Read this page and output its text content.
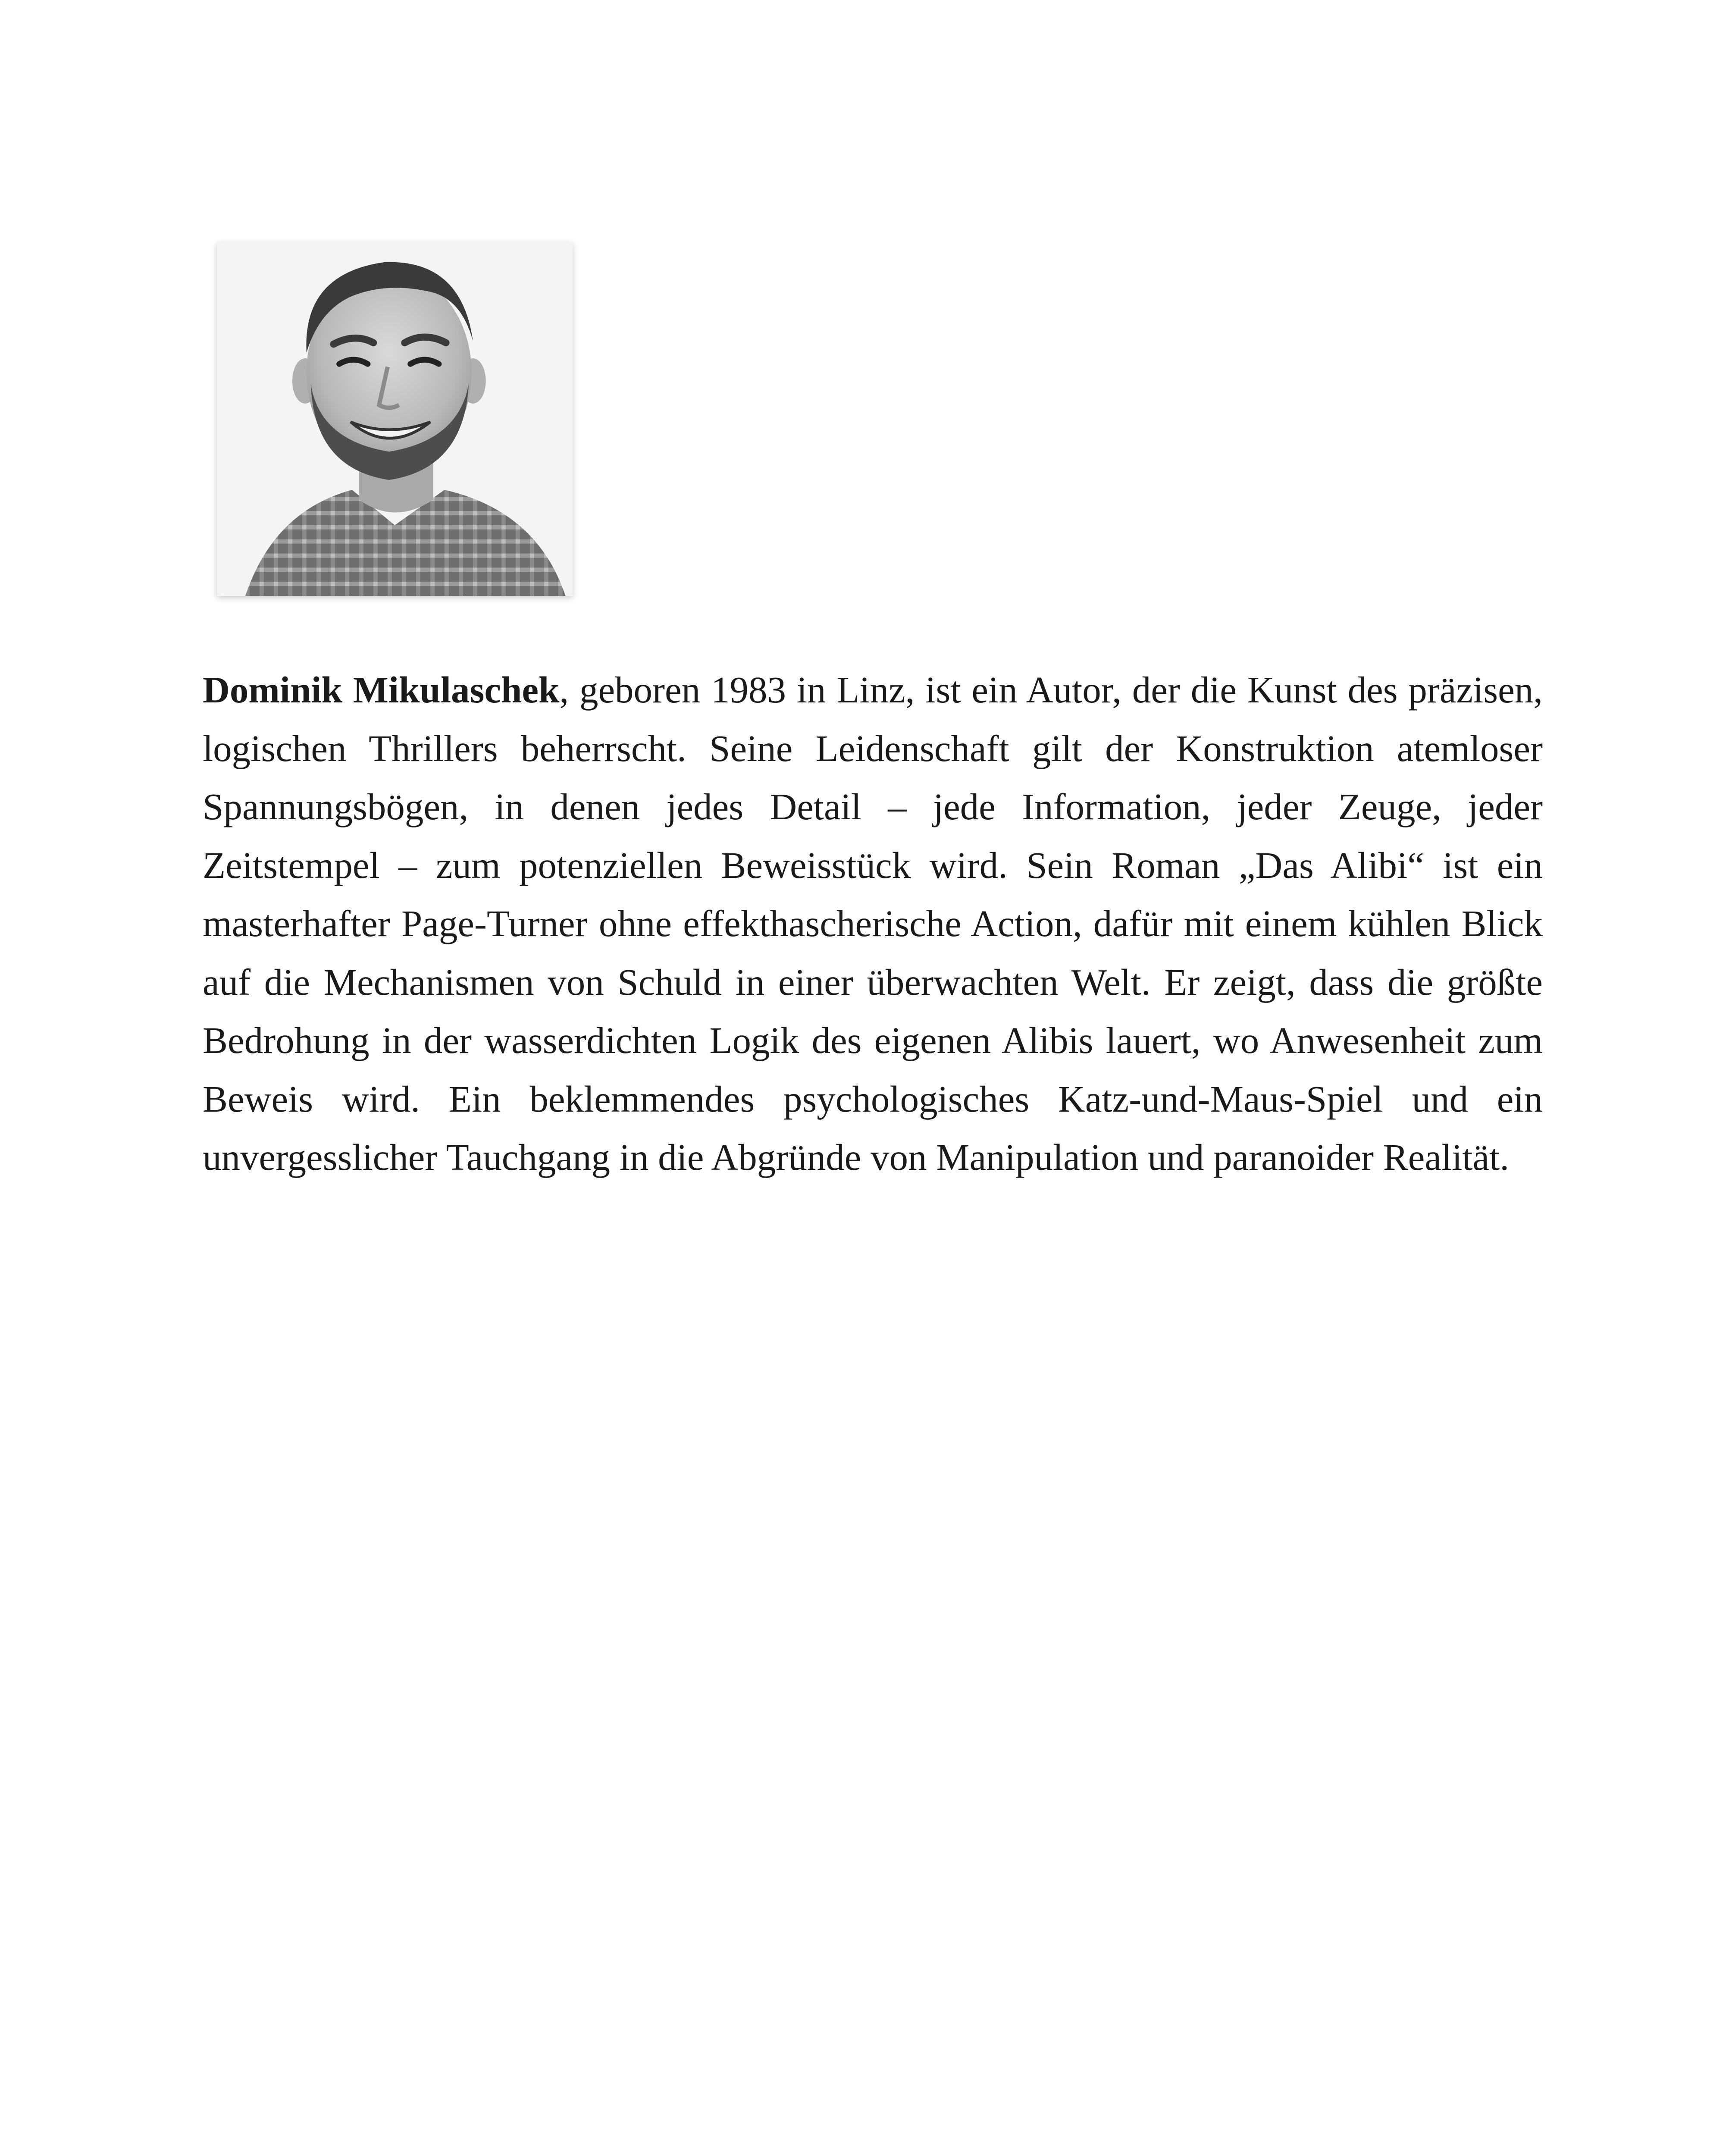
Dominik Mikulaschek, geboren 1983 in Linz, ist ein Autor, der die Kunst des präzisen, logischen Thrillers beherrscht. Seine Leidenschaft gilt der Konstruktion atemloser Spannungsbögen, in denen jedes Detail – jede Information, jeder Zeuge, jeder Zeitstempel – zum potenziellen Beweisstück wird. Sein Roman „Das Alibi“ ist ein masterhafter Page-Turner ohne effekthascherische Action, dafür mit einem kühlen Blick auf die Mechanismen von Schuld in einer überwachten Welt. Er zeigt, dass die größte Bedrohung in der wasserdichten Logik des eigenen Alibis lauert, wo Anwesenheit zum Beweis wird. Ein beklemmendes psychologisches Katz-und-Maus-Spiel und ein unvergesslicher Tauchgang in die Abgründe von Manipulation und paranoider Realität.
